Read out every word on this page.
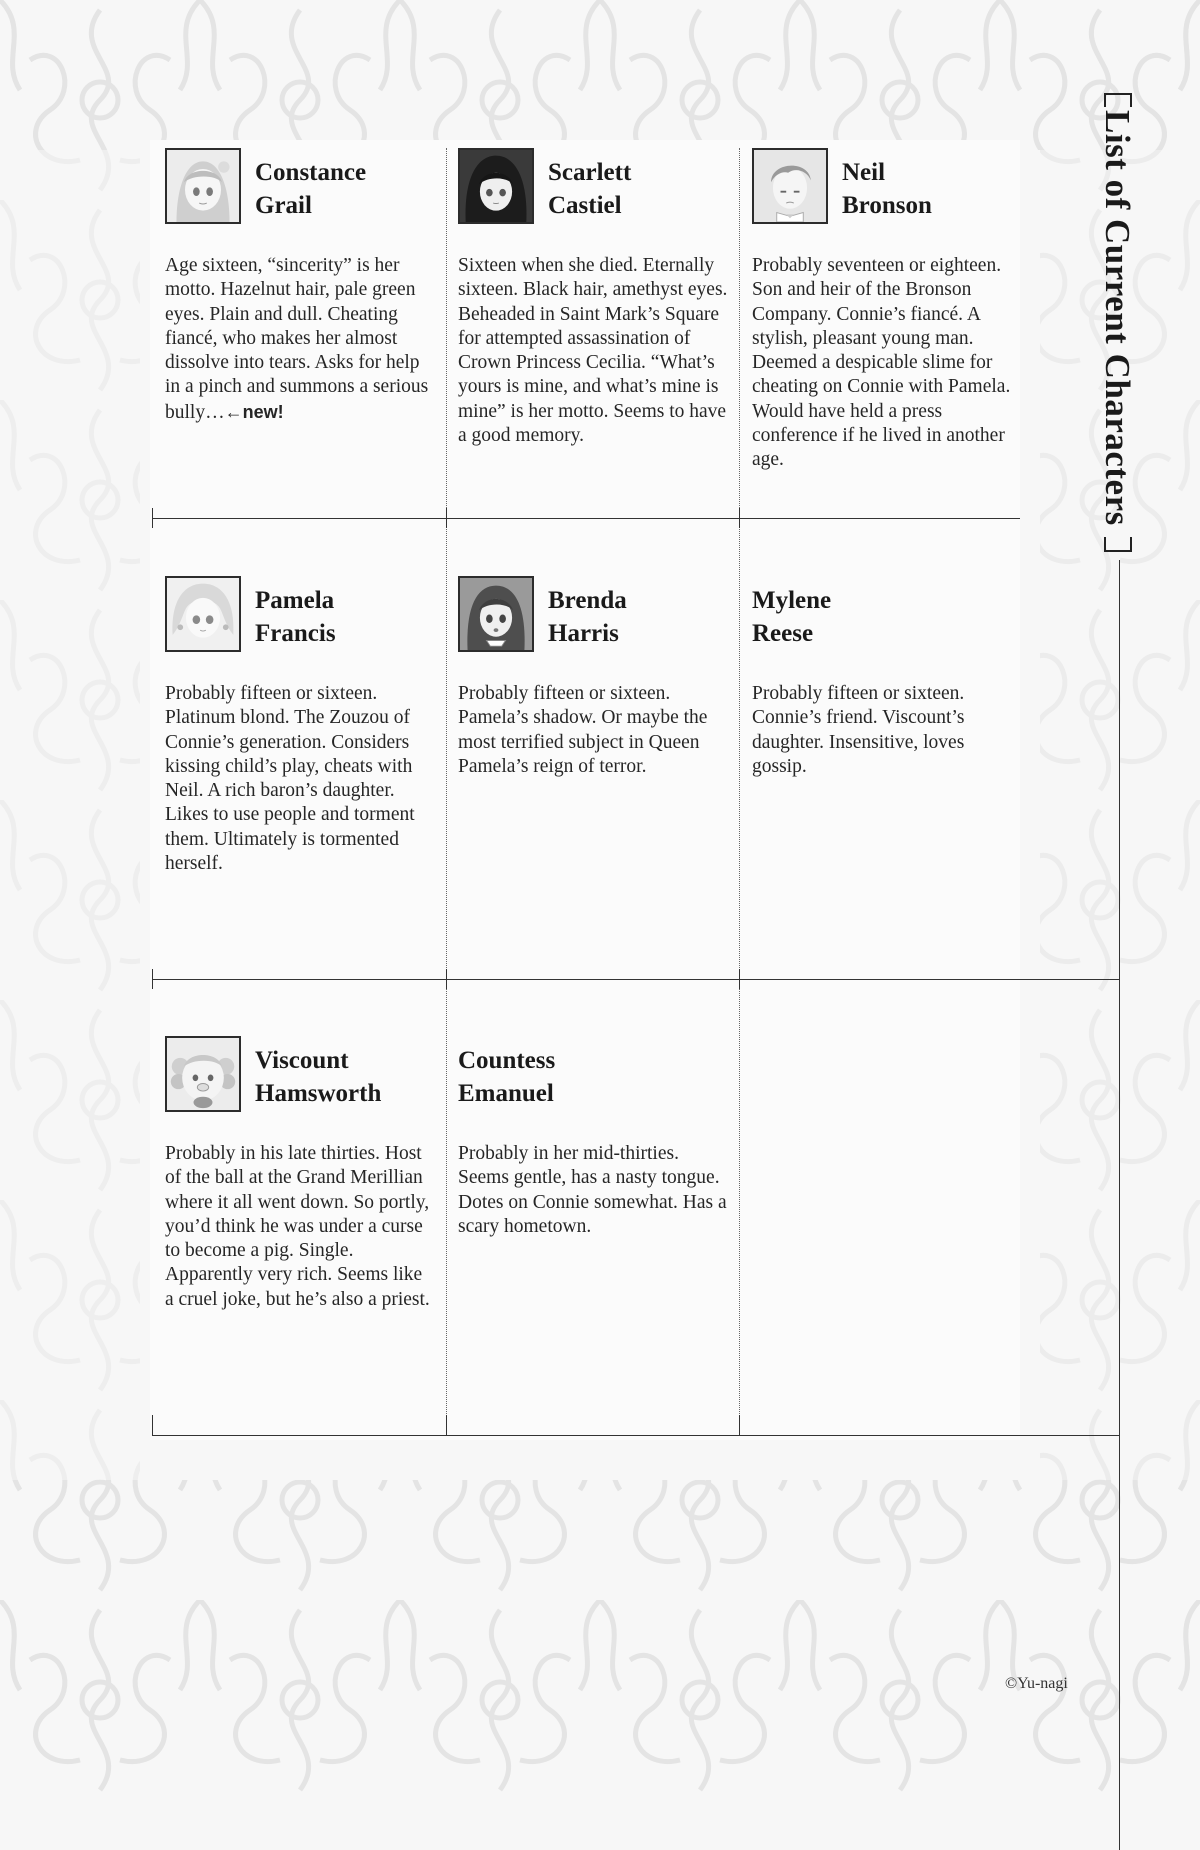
Constance
Grail
Age sixteen, “sincerity” is her motto. Hazelnut hair, pale green eyes. Plain and dull. Cheating fiancé, who makes her almost dissolve into tears. Asks for help in a pinch and summons a serious bully…←new!
Scarlett
Castiel
Sixteen when she died. Eternally sixteen. Black hair, amethyst eyes. Beheaded in Saint Mark’s Square for attempted assassination of Crown Princess Cecilia. “What’s yours is mine, and what’s mine is mine” is her motto. Seems to have a good memory.
Neil
Bronson
Probably seventeen or eighteen. Son and heir of the Bronson Company. Connie’s fiancé. A stylish, pleasant young man. Deemed a despicable slime for cheating on Connie with Pamela. Would have held a press conference if he lived in another age.
Pamela
Francis
Probably fifteen or sixteen. Platinum blond. The Zouzou of Connie’s generation. Considers kissing child’s play, cheats with Neil. A rich baron’s daughter. Likes to use people and torment them. Ultimately is tormented herself.
Brenda
Harris
Probably fifteen or sixteen. Pamela’s shadow. Or maybe the most terrified subject in Queen Pamela’s reign of terror.
Mylene
Reese
Probably fifteen or sixteen. Connie’s friend. Viscount’s daughter. Insensitive, loves gossip.
Viscount
Hamsworth
Probably in his late thirties. Host of the ball at the Grand Merillian where it all went down. So portly, you’d think he was under a curse to become a pig. Single. Apparently very rich. Seems like a cruel joke, but he’s also a priest.
Countess
Emanuel
Probably in her mid-thirties. Seems gentle, has a nasty tongue. Dotes on Connie somewhat. Has a scary hometown.
List of Current Characters
©Yu-nagi
